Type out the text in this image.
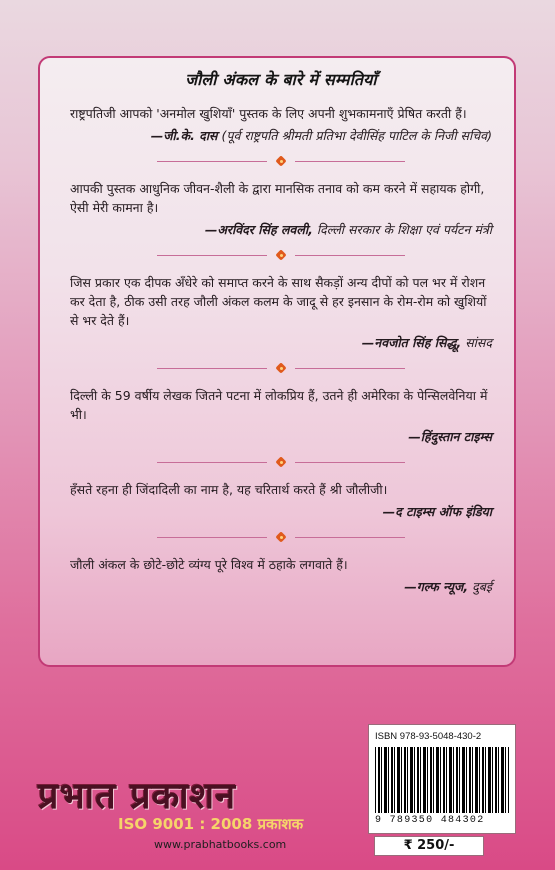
जौली अंकल के बारे में सम्मतियाँ

राष्ट्रपतिजी आपको 'अनमोल खुशियाँ' पुस्तक के लिए अपनी शुभकामनाएँ प्रेषित करती हैं।

—जी.के. दास (पूर्व राष्ट्रपति श्रीमती प्रतिभा देवीसिंह पाटिल के निजी सचिव)

आपकी पुस्तक आधुनिक जीवन-शैली के द्वारा मानसिक तनाव को कम करने में सहायक होगी, ऐसी मेरी कामना है।

—अरविंदर सिंह लवली, दिल्ली सरकार के शिक्षा एवं पर्यटन मंत्री

जिस प्रकार एक दीपक अँधेरे को समाप्त करने के साथ सैकड़ों अन्य दीपों को पल भर में रोशन कर देता है, ठीक उसी तरह जौली अंकल कलम के जादू से हर इनसान के रोम-रोम को खुशियों से भर देते हैं।

—नवजोत सिंह सिद्धू, सांसद

दिल्ली के 59 वर्षीय लेखक जितने पटना में लोकप्रिय हैं, उतने ही अमेरिका के पेन्सिलवेनिया में भी।

—हिंदुस्तान टाइम्स

हँसते रहना ही जिंदादिली का नाम है, यह चरितार्थ करते हैं श्री जौलीजी।

—द टाइम्स ऑफ इंडिया

जौली अंकल के छोटे-छोटे व्यंग्य पूरे विश्व में ठहाके लगवाते हैं।

—गल्फ न्यूज, दुबई
ISBN 978-93-5048-430-2
9 789350 484302
₹ 250/-
प्रभात प्रकाशन
ISO 9001 : 2008 प्रकाशक
www.prabhatbooks.com
